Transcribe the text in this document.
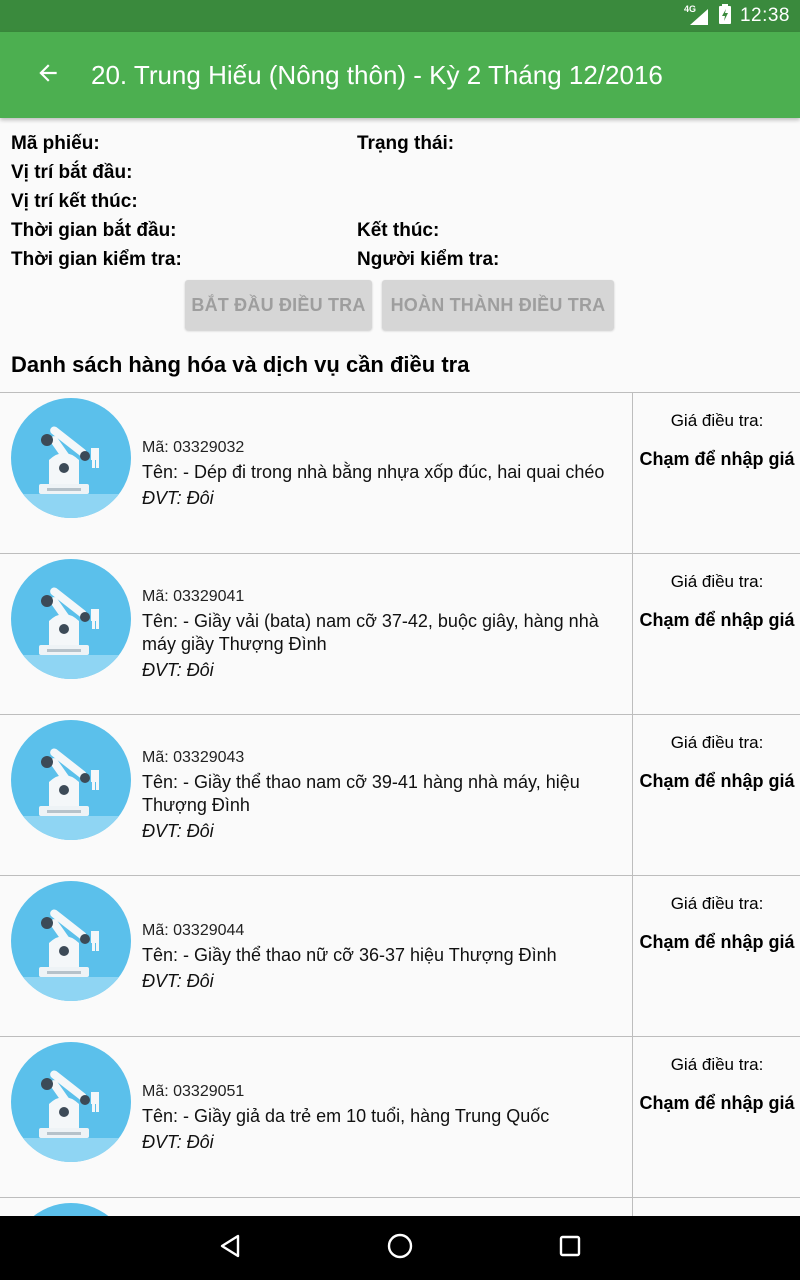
4G 12:38
20. Trung Hiếu (Nông thôn) - Kỳ 2 Tháng 12/2016
Mã phiếu:	Trạng thái:
Vị trí bắt đầu:
Vị trí kết thúc:
Thời gian bắt đầu:	Kết thúc:
Thời gian kiểm tra:	Người kiểm tra:
BẮT ĐẦU ĐIỀU TRA	HOÀN THÀNH ĐIỀU TRA
Danh sách hàng hóa và dịch vụ cần điều tra
Mã: 03329032
Tên: - Dép đi trong nhà bằng nhựa xốp đúc, hai quai chéo
ĐVT: Đôi
Giá điều tra:
Chạm để nhập giá
Mã: 03329041
Tên: - Giầy vải (bata) nam cỡ 37-42, buộc giây, hàng nhà máy giầy Thượng Đình
ĐVT: Đôi
Giá điều tra:
Chạm để nhập giá
Mã: 03329043
Tên: - Giầy thể thao nam cỡ 39-41 hàng nhà máy, hiệu Thượng Đình
ĐVT: Đôi
Giá điều tra:
Chạm để nhập giá
Mã: 03329044
Tên: - Giầy thể thao nữ cỡ 36-37 hiệu Thượng Đình
ĐVT: Đôi
Giá điều tra:
Chạm để nhập giá
Mã: 03329051
Tên: - Giầy giả da trẻ em 10 tuổi, hàng Trung Quốc
ĐVT: Đôi
Giá điều tra:
Chạm để nhập giá
